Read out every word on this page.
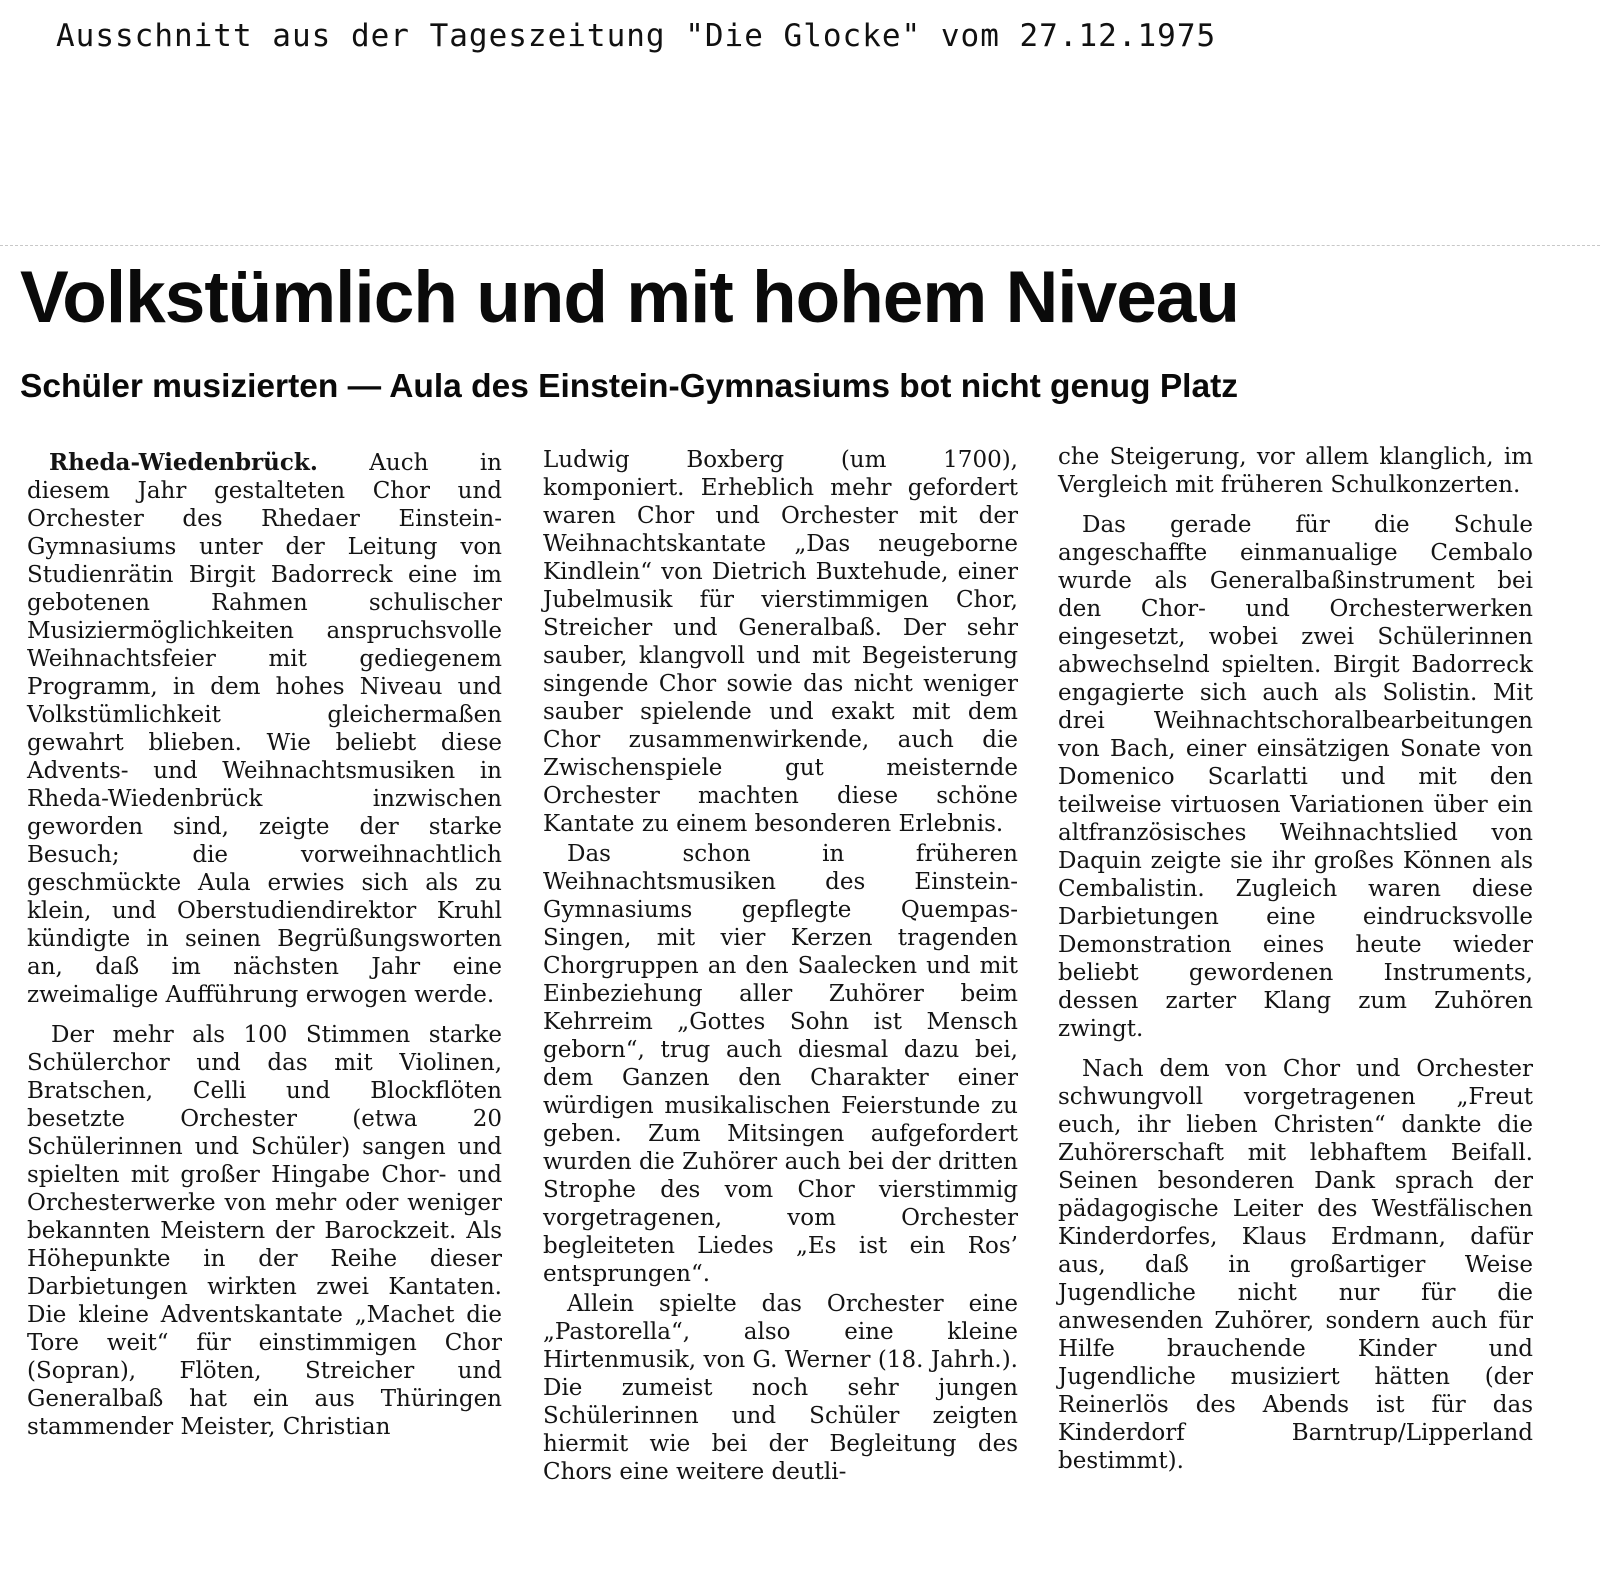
Ausschnitt aus der Tageszeitung "Die Glocke" vom 27.12.1975
Volkstümlich und mit hohem Niveau
Schüler musizierten — Aula des Einstein-Gymnasiums bot nicht genug Platz

Rheda-Wiedenbrück. Auch in diesem Jahr gestalteten Chor und Orchester des Rhedaer Einstein-Gymnasiums unter der Leitung von Studienrätin Birgit Badorreck eine im gebotenen Rahmen schulischer Musiziermöglichkeiten anspruchsvolle Weihnachtsfeier mit gediegenem Programm, in dem hohes Niveau und Volkstümlichkeit gleichermaßen gewahrt blieben. Wie beliebt diese Advents- und Weihnachtsmusiken in Rheda-Wiedenbrück inzwischen geworden sind, zeigte der starke Besuch; die vorweihnachtlich geschmückte Aula erwies sich als zu klein, und Oberstudiendirektor Kruhl kündigte in seinen Begrüßungsworten an, daß im nächsten Jahr eine zweimalige Aufführung erwogen werde.

Der mehr als 100 Stimmen starke Schülerchor und das mit Violinen, Bratschen, Celli und Blockflöten besetzte Orchester (etwa 20 Schülerinnen und Schüler) sangen und spielten mit großer Hingabe Chor- und Orchesterwerke von mehr oder weniger bekannten Meistern der Barockzeit. Als Höhepunkte in der Reihe dieser Darbietungen wirkten zwei Kantaten. Die kleine Adventskantate „Machet die Tore weit“ für einstimmigen Chor (Sopran), Flöten, Streicher und Generalbaß hat ein aus Thüringen stammender Meister, Christian

Ludwig Boxberg (um 1700), komponiert. Erheblich mehr gefordert waren Chor und Orchester mit der Weihnachtskantate „Das neugeborne Kindlein“ von Dietrich Buxtehude, einer Jubelmusik für vierstimmigen Chor, Streicher und Generalbaß. Der sehr sauber, klangvoll und mit Begeisterung singende Chor sowie das nicht weniger sauber spielende und exakt mit dem Chor zusammenwirkende, auch die Zwischenspiele gut meisternde Orchester machten diese schöne Kantate zu einem besonderen Erlebnis.

Das schon in früheren Weihnachtsmusiken des Einstein-Gymnasiums gepflegte Quempas-Singen, mit vier Kerzen tragenden Chorgruppen an den Saalecken und mit Einbeziehung aller Zuhörer beim Kehrreim „Gottes Sohn ist Mensch geborn“, trug auch diesmal dazu bei, dem Ganzen den Charakter einer würdigen musikalischen Feierstunde zu geben. Zum Mitsingen aufgefordert wurden die Zuhörer auch bei der dritten Strophe des vom Chor vierstimmig vorgetragenen, vom Orchester begleiteten Liedes „Es ist ein Ros’ entsprungen“.

Allein spielte das Orchester eine „Pastorella“, also eine kleine Hirtenmusik, von G. Werner (18. Jahrh.). Die zumeist noch sehr jungen Schülerinnen und Schüler zeigten hiermit wie bei der Begleitung des Chors eine weitere deutli-

che Steigerung, vor allem klanglich, im Vergleich mit früheren Schulkonzerten.

Das gerade für die Schule angeschaffte einmanualige Cembalo wurde als Generalbaßinstrument bei den Chor- und Orchesterwerken eingesetzt, wobei zwei Schülerinnen abwechselnd spielten. Birgit Badorreck engagierte sich auch als Solistin. Mit drei Weihnachtschoralbearbeitungen von Bach, einer einsätzigen Sonate von Domenico Scarlatti und mit den teilweise virtuosen Variationen über ein altfranzösisches Weihnachtslied von Daquin zeigte sie ihr großes Können als Cembalistin. Zugleich waren diese Darbietungen eine eindrucksvolle Demonstration eines heute wieder beliebt gewordenen Instruments, dessen zarter Klang zum Zuhören zwingt.

Nach dem von Chor und Orchester schwungvoll vorgetragenen „Freut euch, ihr lieben Christen“ dankte die Zuhörerschaft mit lebhaftem Beifall. Seinen besonderen Dank sprach der pädagogische Leiter des Westfälischen Kinderdorfes, Klaus Erdmann, dafür aus, daß in großartiger Weise Jugendliche nicht nur für die anwesenden Zuhörer, sondern auch für Hilfe brauchende Kinder und Jugendliche musiziert hätten (der Reinerlös des Abends ist für das Kinderdorf Barntrup/Lipperland bestimmt).
